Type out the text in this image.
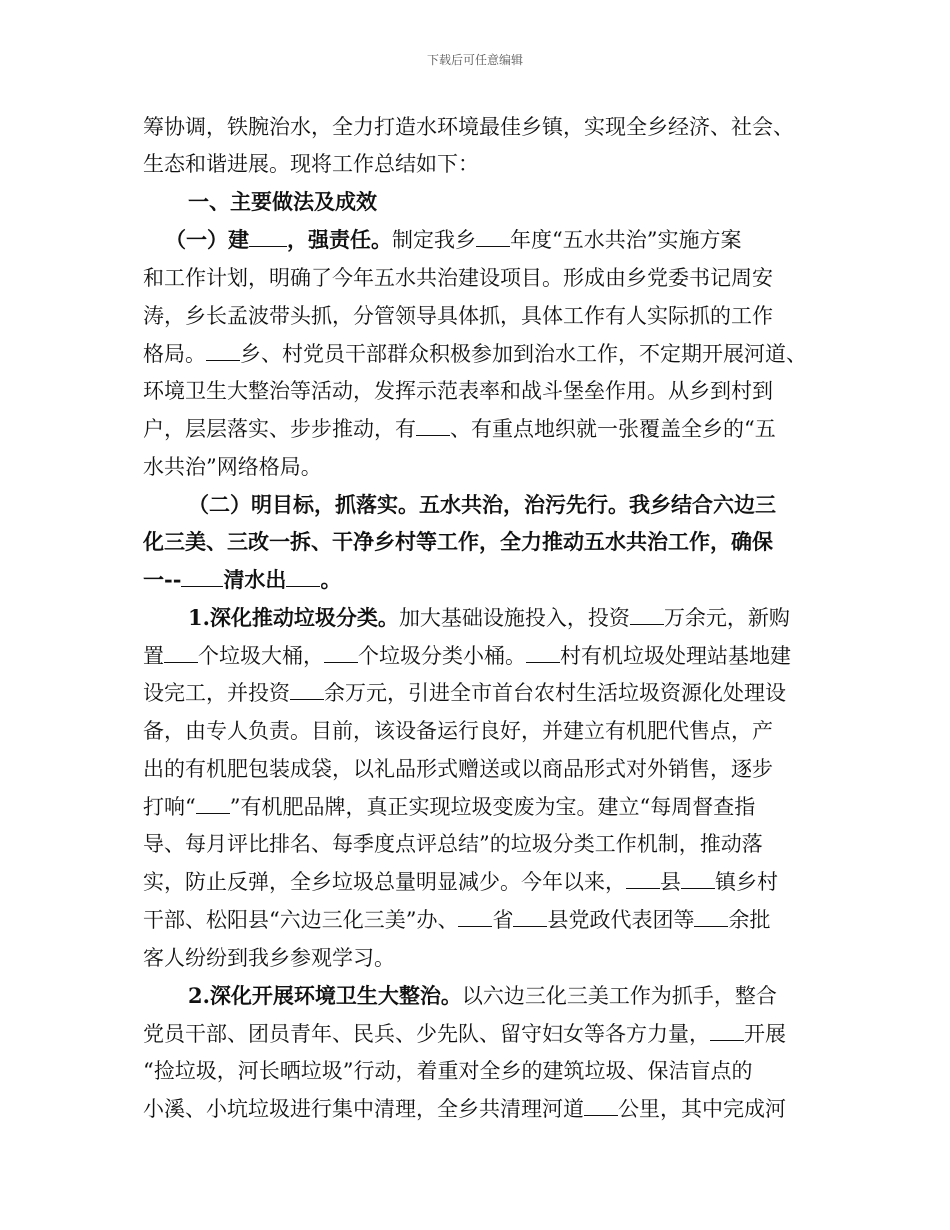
下载后可任意编辑
筹协调，铁腕治水，全力打造水环境最佳乡镇，实现全乡经济、社会、
生态和谐进展。现将工作总结如下：
一、主要做法及成效
（一）建 ，强责任。制定我乡 年度“五水共治”实施方案
和工作计划，明确了今年五水共治建设项目。形成由乡党委书记周安
涛，乡长孟波带头抓，分管领导具体抓，具体工作有人实际抓的工作
格局。 乡、村党员干部群众积极参加到治水工作，不定期开展河道、
环境卫生大整治等活动，发挥示范表率和战斗堡垒作用。从乡到村到
户，层层落实、步步推动，有 、有重点地织就一张覆盖全乡的“五
水共治”网络格局。
（二）明目标，抓落实。五水共治，治污先行。我乡结合六边三
化三美、三改一拆、干净乡村等工作，全力推动五水共治工作，确保
一-- 清水出 。
1.深化推动垃圾分类。加大基础设施投入，投资 万余元，新购
置 个垃圾大桶， 个垃圾分类小桶。 村有机垃圾处理站基地建
设完工，并投资 余万元，引进全市首台农村生活垃圾资源化处理设
备，由专人负责。目前，该设备运行良好，并建立有机肥代售点，产
出的有机肥包装成袋，以礼品形式赠送或以商品形式对外销售，逐步
打响“ ”有机肥品牌，真正实现垃圾变废为宝。建立“每周督查指
导、每月评比排名、每季度点评总结”的垃圾分类工作机制，推动落
实，防止反弹，全乡垃圾总量明显减少。今年以来， 县 镇乡村
干部、松阳县“六边三化三美”办、 省 县党政代表团等 余批
客人纷纷到我乡参观学习。
2.深化开展环境卫生大整治。以六边三化三美工作为抓手，整合
党员干部、团员青年、民兵、少先队、留守妇女等各方力量， 开展
“捡垃圾，河长晒垃圾”行动，着重对全乡的建筑垃圾、保洁盲点的
小溪、小坑垃圾进行集中清理，全乡共清理河道 公里，其中完成河
